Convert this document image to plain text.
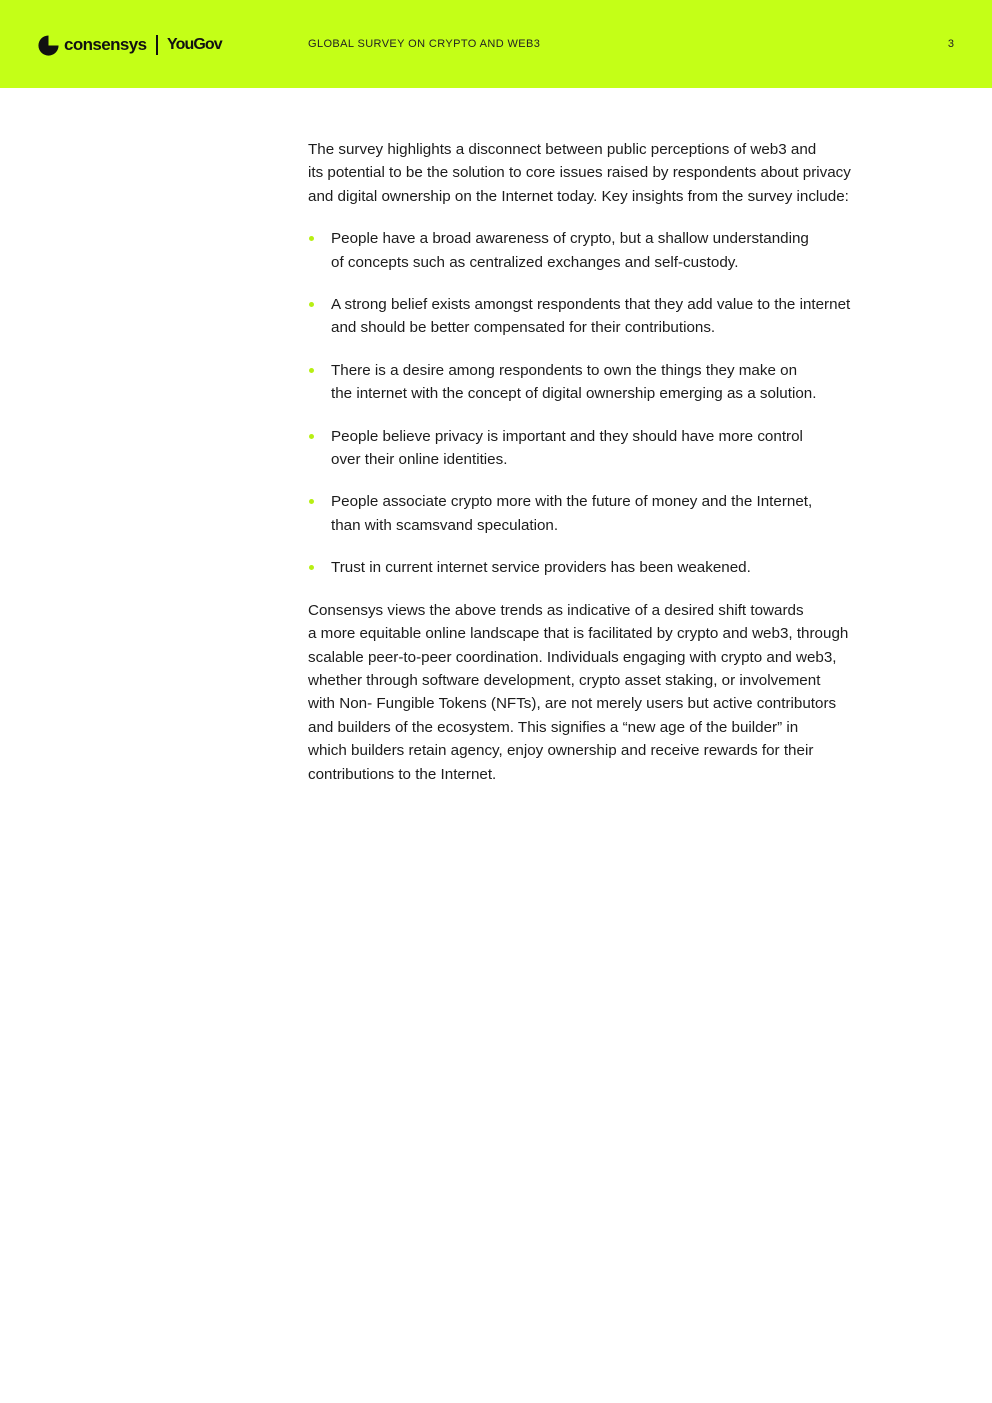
consensys YouGov	GLOBAL SURVEY ON CRYPTO AND WEB3	3

The survey highlights a disconnect between public perceptions of web3 and
its potential to be the solution to core issues raised by respondents about privacy
and digital ownership on the Internet today. Key insights from the survey include:

People have a broad awareness of crypto, but a shallow understanding
of concepts such as centralized exchanges and self-custody.
A strong belief exists amongst respondents that they add value to the internet
and should be better compensated for their contributions.
There is a desire among respondents to own the things they make on
the internet with the concept of digital ownership emerging as a solution.
People believe privacy is important and they should have more control
over their online identities.
People associate crypto more with the future of money and the Internet,
than with scamsvand speculation.
Trust in current internet service providers has been weakened.

Consensys views the above trends as indicative of a desired shift towards
a more equitable online landscape that is facilitated by crypto and web3, through
scalable peer-to-peer coordination. Individuals engaging with crypto and web3,
whether through software development, crypto asset staking, or involvement
with Non- Fungible Tokens (NFTs), are not merely users but active contributors
and builders of the ecosystem. This signifies a “new age of the builder” in
which builders retain agency, enjoy ownership and receive rewards for their
contributions to the Internet.
